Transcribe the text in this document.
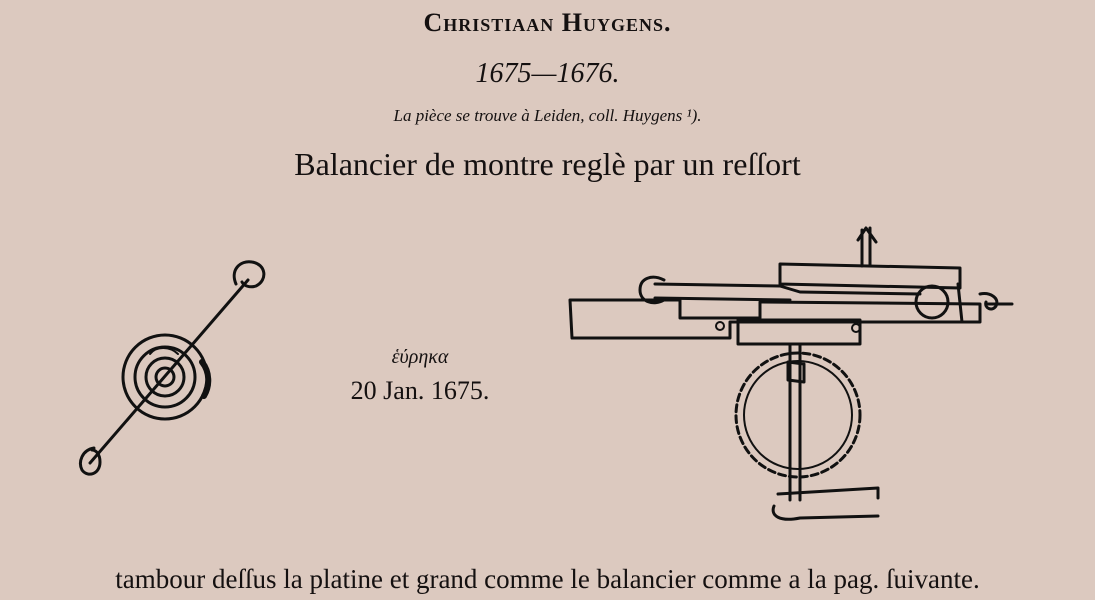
Christiaan Huygens.
1675—1676.
La pièce se trouve à Leiden, coll. Huygens ¹).
Balancier de montre reglè par un reſſort
ἑύρηκα
20 Jan. 1675.
tambour deſſus la platine et grand comme le balancier comme a la pag. ſuivante.
